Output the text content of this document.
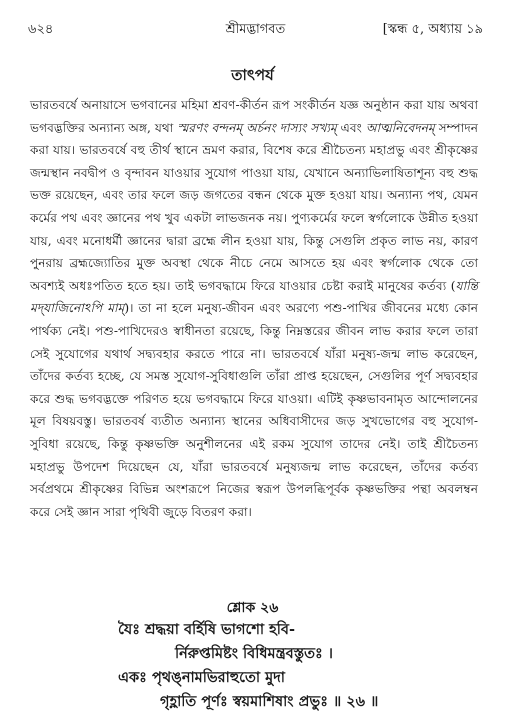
৬২৪	শ্রীমদ্ভাগবত	[স্কন্ধ ৫, অধ্যায় ১৯
তাৎপর্য

ভারতবর্ষে অনায়াসে ভগবানের মহিমা শ্রবণ-কীর্তন রূপ সংকীর্তন যজ্ঞ অনুষ্ঠান করা যায় অথবা ভগবদ্ভক্তির অন্যান্য অঙ্গ, যথা স্মরণং বন্দনম্ অর্চনং দাস্যং সখ্যম্ এবং আত্মনিবেদনম্ সম্পাদন করা যায়। ভারতবর্ষে বহু তীর্থ স্থানে ভ্রমণ করার, বিশেষ করে শ্রীচৈতন্য মহাপ্রভু এবং শ্রীকৃষ্ণের জন্মস্থান নবদ্বীপ ও বৃন্দাবন যাওয়ার সুযোগ পাওয়া যায়, যেখানে অন্যাভিলাষিতাশূন্য বহু শুদ্ধ ভক্ত রয়েছেন, এবং তার ফলে জড় জগতের বন্ধন থেকে মুক্ত হওয়া যায়। অন্যান্য পথ, যেমন কর্মের পথ এবং জ্ঞানের পথ খুব একটা লাভজনক নয়। পুণ্যকর্মের ফলে স্বর্গলোকে উন্নীত হওয়া যায়, এবং মনোধর্মী জ্ঞানের দ্বারা ব্রহ্মে লীন হওয়া যায়, কিন্তু সেগুলি প্রকৃত লাভ নয়, কারণ পুনরায় ব্রহ্মজ্যোতির মুক্ত অবস্থা থেকে নীচে নেমে আসতে হয় এবং স্বর্গলোক থেকে তো অবশ্যই অধঃপতিত হতে হয়। তাই ভগবদ্ধামে ফিরে যাওয়ার চেষ্টা করাই মানুষের কর্তব্য (যান্তি মদ্‌যাজিনোঽপি মাম্)। তা না হলে মনুষ্য-জীবন এবং অরণ্যে পশু-পাখির জীবনের মধ্যে কোন পার্থক্য নেই। পশু-পাখিদেরও স্বাধীনতা রয়েছে, কিন্তু নিম্নস্তরের জীবন লাভ করার ফলে তারা সেই সুযোগের যথার্থ সদ্ব্যবহার করতে পারে না। ভারতবর্ষে যাঁরা মনুষ্য-জন্ম লাভ করেছেন, তাঁদের কর্তব্য হচ্ছে, যে সমস্ত সুযোগ-সুবিধাগুলি তাঁরা প্রাপ্ত হয়েছেন, সেগুলির পূর্ণ সদ্ব্যবহার করে শুদ্ধ ভগবদ্ভক্তে পরিণত হয়ে ভগবদ্ধামে ফিরে যাওয়া। এটিই কৃষ্ণভাবনামৃত আন্দোলনের মূল বিষয়বস্তু। ভারতবর্ষ ব্যতীত অন্যান্য স্থানের অধিবাসীদের জড় সুখভোগের বহু সুযোগ-সুবিধা রয়েছে, কিন্তু কৃষ্ণভক্তি অনুশীলনের এই রকম সুযোগ তাদের নেই। তাই শ্রীচৈতন্য মহাপ্রভু উপদেশ দিয়েছেন যে, যাঁরা ভারতবর্ষে মনুষ্যজন্ম লাভ করেছেন, তাঁদের কর্তব্য সর্বপ্রথমে শ্রীকৃষ্ণের বিভিন্ন অংশরূপে নিজের স্বরূপ উপলব্ধিপূর্বক কৃষ্ণভক্তির পন্থা অবলম্বন করে সেই জ্ঞান সারা পৃথিবী জুড়ে বিতরণ করা।

শ্লোক ২৬
যৈঃ শ্রদ্ধয়া বর্হিষি ভাগশো হবি-
র্নিরুপ্তমিষ্টং বিধিমন্ত্রবস্তুতঃ ।
একঃ পৃথঙ্‌নামভিরাহুতো মুদা
গৃহ্ণাতি পূর্ণঃ স্বয়মাশিষাং প্রভুঃ ॥ ২৬ ॥
